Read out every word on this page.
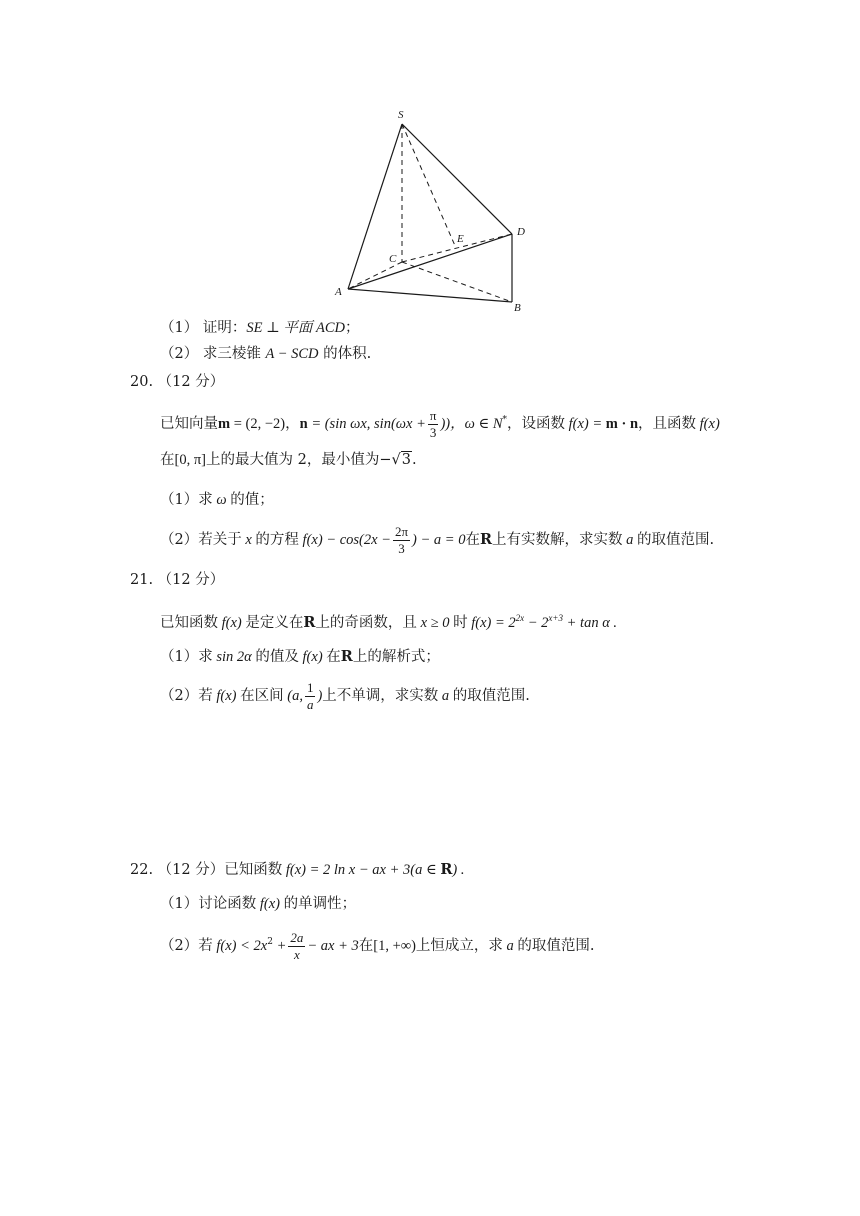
S
D
E
C
A
B
（1） 证明：SE ⊥ 平面 ACD；
（2） 求三棱锥 A − SCD 的体积.
20. （12 分）
已知向量m = (2, −2)，n = (sin ωx, $\sin(\omega x + \frac{\pi}{3}$ ))，ω ∈ N*，设函数 f(x) = m · n，且函数 f(x)
在[0, π]上的最大值为 2，最小值为−√3.
（1）求 ω 的值；
（2）若关于 x 的方程 $f(x) - \cos(2x - \frac{2\pi}{3}$ ) − a = 0在R上有实数解，求实数 a 的取值范围.
21. （12 分）
已知函数 f(x) 是定义在R上的奇函数，且 x ≥ 0 时 $f(x) = 2^{2x} - 2^{x+3} + \tan \alpha$ .
（1）求 sin 2α 的值及 f(x) 在R上的解析式；
（2）若 f(x) 在区间 (a, $\frac{1}{a}$ )上不单调，求实数 a 的取值范围.
22. （12 分）已知函数 f(x) = 2 ln x − ax + 3(a ∈ R) .
（1）讨论函数 f(x) 的单调性；
（2）若 $f(x) < 2x^2 + \frac{2a}{x}$ − ax + 3在[1, +∞)上恒成立，求 a 的取值范围.
